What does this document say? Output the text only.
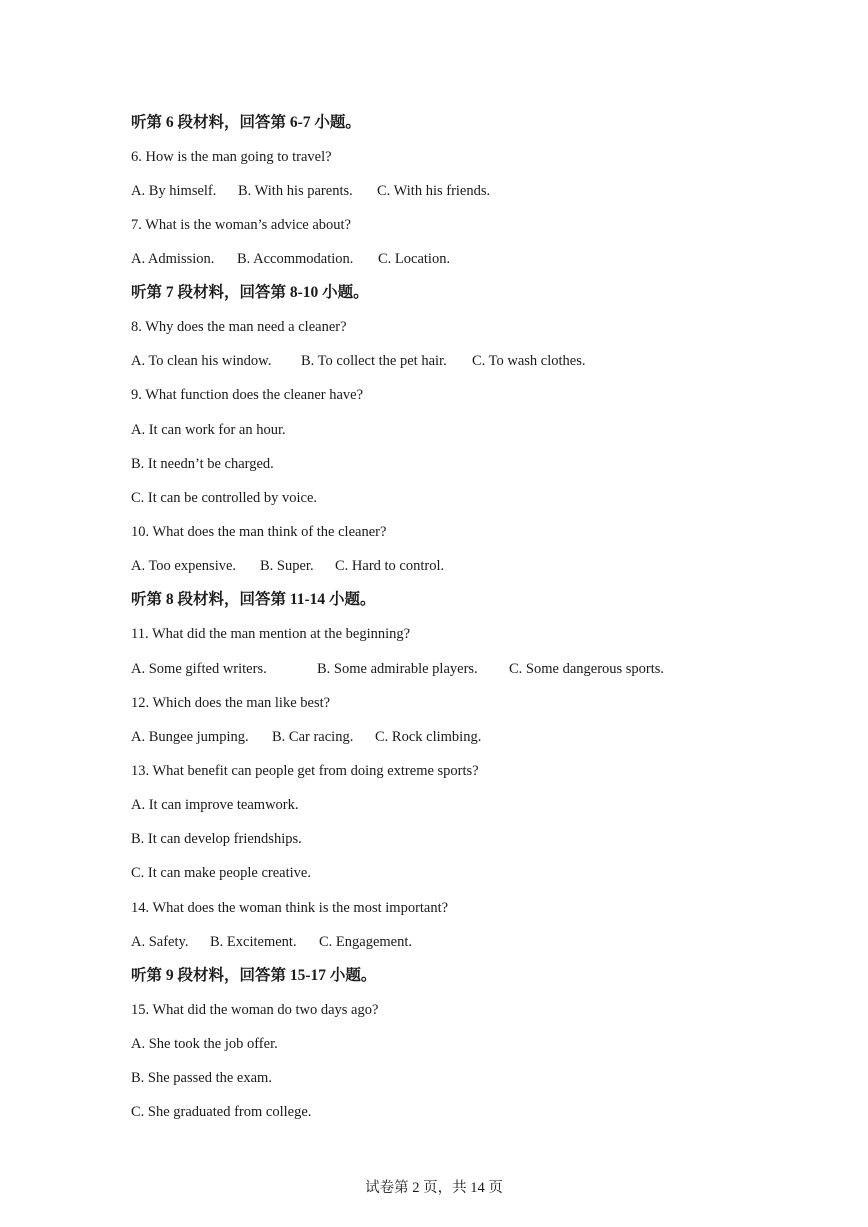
听第 6 段材料，回答第 6-7 小题。
6. How is the man going to travel?

A. By himself.

B. With his parents.

C. With his friends.

7. What is the woman’s advice about?

A. Admission.

B. Accommodation.

C. Location.

听第 7 段材料，回答第 8-10 小题。
8. Why does the man need a cleaner?

A. To clean his window.

B. To collect the pet hair.

C. To wash clothes.

9. What function does the cleaner have?
A. It can work for an hour.
B. It needn’t be charged.
C. It can be controlled by voice.
10. What does the man think of the cleaner?

A. Too expensive.

B. Super.

C. Hard to control.

听第 8 段材料，回答第 11-14 小题。
11. What did the man mention at the beginning?

A. Some gifted writers.

	B. Some admirable players.

C. Some dangerous sports.

12. Which does the man like best?

A. Bungee jumping.

B. Car racing.

C. Rock climbing.

13. What benefit can people get from doing extreme sports?
A. It can improve teamwork.
B. It can develop friendships.
C. It can make people creative.
14. What does the woman think is the most important?

A. Safety.

B. Excitement.

C. Engagement.

听第 9 段材料，回答第 15-17 小题。
15. What did the woman do two days ago?
A. She took the job offer.
B. She passed the exam.
C. She graduated from college.
试卷第 2 页，共 14 页
